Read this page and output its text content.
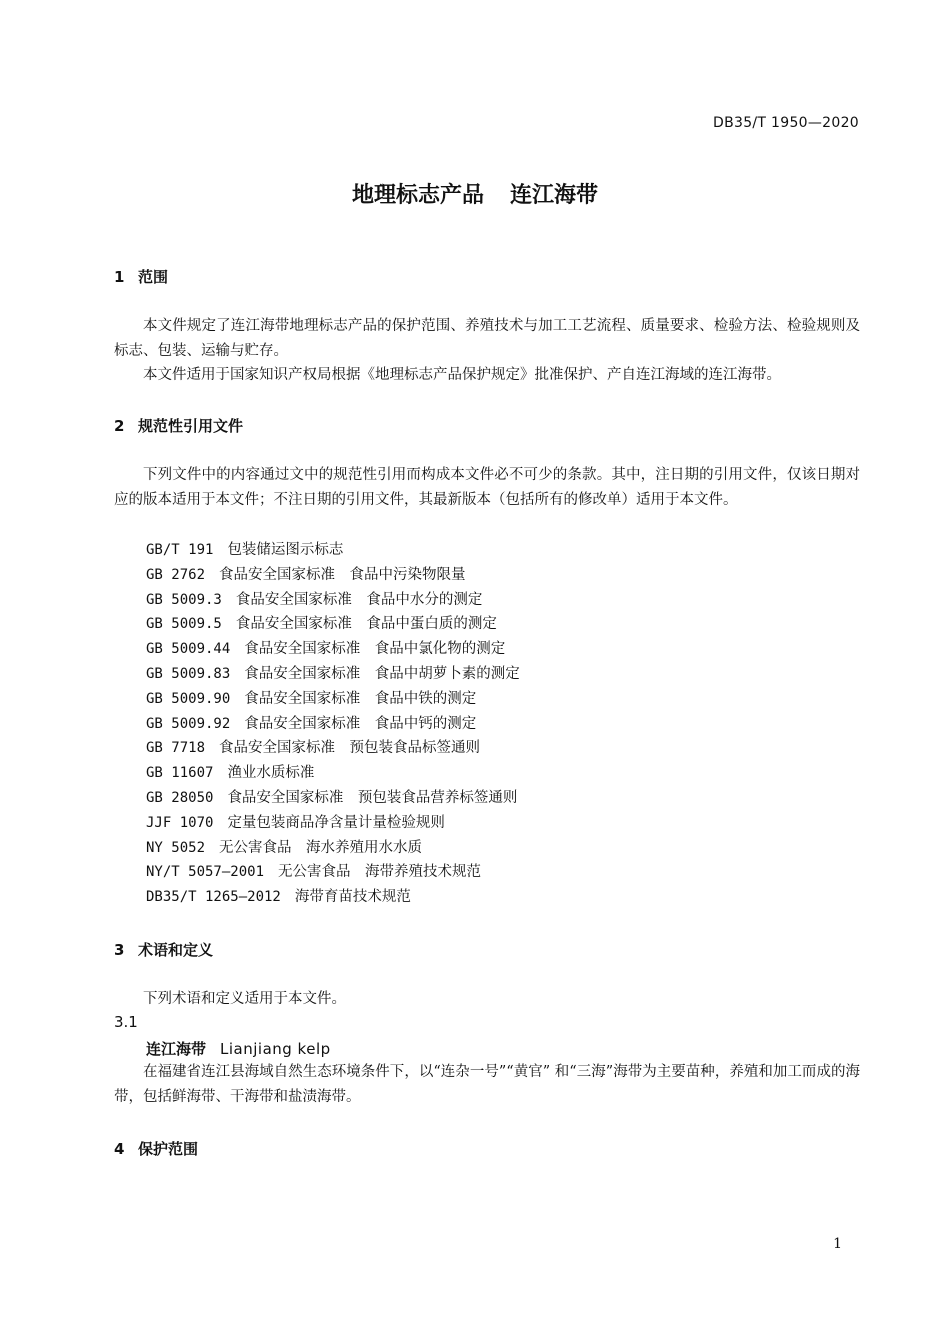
DB35/T 1950—2020
地理标志产品 连江海带
1 范围

本文件规定了连江海带地理标志产品的保护范围、养殖技术与加工工艺流程、质量要求、检验方法、检验规则及标志、包装、运输与贮存。

本文件适用于国家知识产权局根据《地理标志产品保护规定》批准保护、产自连江海域的连江海带。

2 规范性引用文件

下列文件中的内容通过文中的规范性引用而构成本文件必不可少的条款。其中，注日期的引用文件，仅该日期对应的版本适用于本文件；不注日期的引用文件，其最新版本（包括所有的修改单）适用于本文件。

GB/T 191 包装储运图示标志
GB 2762 食品安全国家标准　食品中污染物限量
GB 5009.3 食品安全国家标准　食品中水分的测定
GB 5009.5 食品安全国家标准　食品中蛋白质的测定
GB 5009.44 食品安全国家标准　食品中氯化物的测定
GB 5009.83 食品安全国家标准　食品中胡萝卜素的测定
GB 5009.90 食品安全国家标准　食品中铁的测定
GB 5009.92 食品安全国家标准　食品中钙的测定
GB 7718 食品安全国家标准　预包装食品标签通则
GB 11607 渔业水质标准
GB 28050 食品安全国家标准　预包装食品营养标签通则
JJF 1070 定量包装商品净含量计量检验规则
NY 5052 无公害食品　海水养殖用水水质
NY/T 5057—2001 无公害食品　海带养殖技术规范
DB35/T 1265—2012 海带育苗技术规范
3 术语和定义

下列术语和定义适用于本文件。

3.1
连江海带 Lianjiang kelp

在福建省连江县海域自然生态环境条件下，以“连杂一号”“黄官” 和“三海”海带为主要苗种，养殖和加工而成的海带，包括鲜海带、干海带和盐渍海带。

4 保护范围
1
